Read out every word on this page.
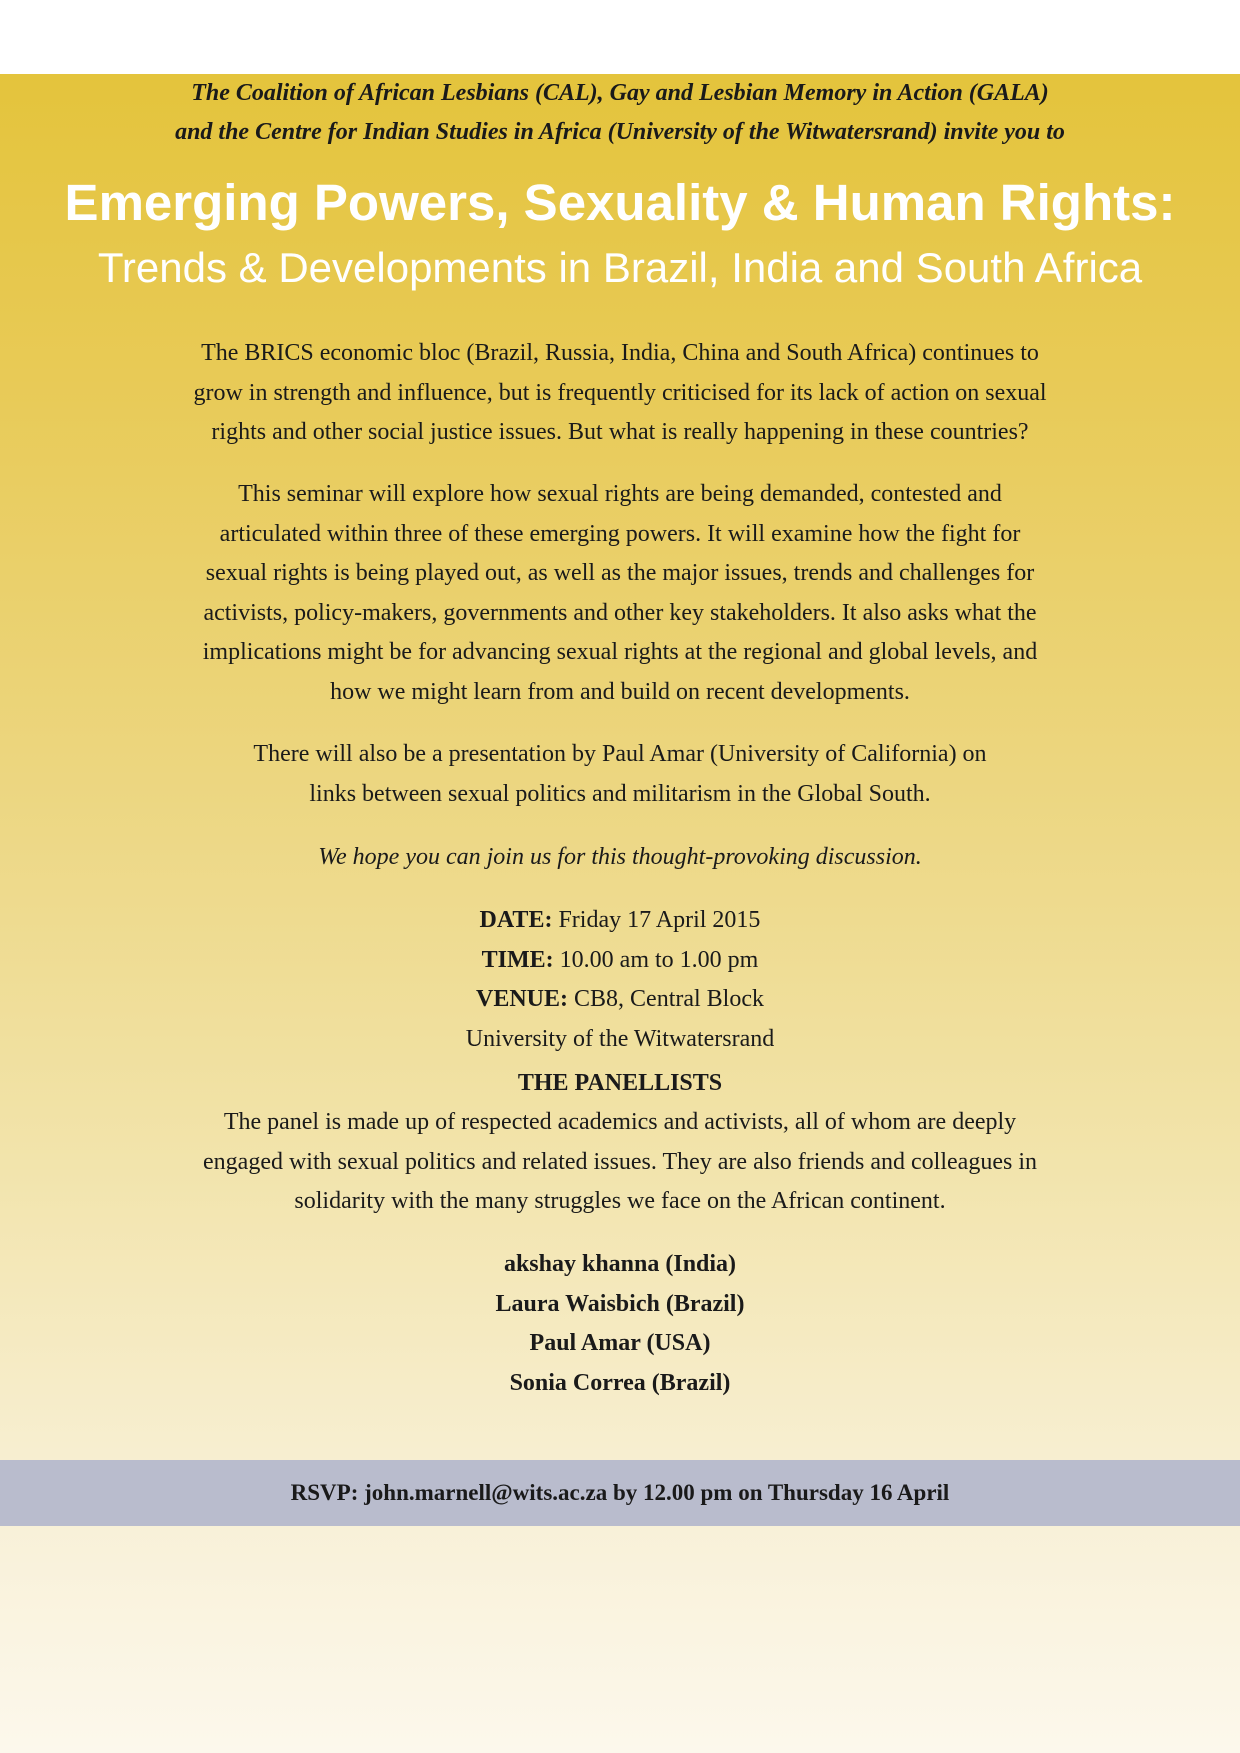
The Coalition of African Lesbians (CAL), Gay and Lesbian Memory in Action (GALA)
and the Centre for Indian Studies in Africa (University of the Witwatersrand) invite you to

Emerging Powers, Sexuality & Human Rights:
Trends & Developments in Brazil, India and South Africa

The BRICS economic bloc (Brazil, Russia, India, China and South Africa) continues to
grow in strength and influence, but is frequently criticised for its lack of action on sexual
rights and other social justice issues. But what is really happening in these countries?

This seminar will explore how sexual rights are being demanded, contested and
articulated within three of these emerging powers. It will examine how the fight for
sexual rights is being played out, as well as the major issues, trends and challenges for
activists, policy-makers, governments and other key stakeholders. It also asks what the
implications might be for advancing sexual rights at the regional and global levels, and
how we might learn from and build on recent developments.

There will also be a presentation by Paul Amar (University of California) on
links between sexual politics and militarism in the Global South.

We hope you can join us for this thought-provoking discussion.

DATE: Friday 17 April 2015
TIME: 10.00 am to 1.00 pm
VENUE: CB8, Central Block
University of the Witwatersrand
THE PANELLISTS

The panel is made up of respected academics and activists, all of whom are deeply
engaged with sexual politics and related issues. They are also friends and colleagues in
solidarity with the many struggles we face on the African continent.

akshay khanna (India)
Laura Waisbich (Brazil)
Paul Amar (USA)
Sonia Correa (Brazil)
RSVP: john.marnell@wits.ac.za by 12.00 pm on Thursday 16 April
